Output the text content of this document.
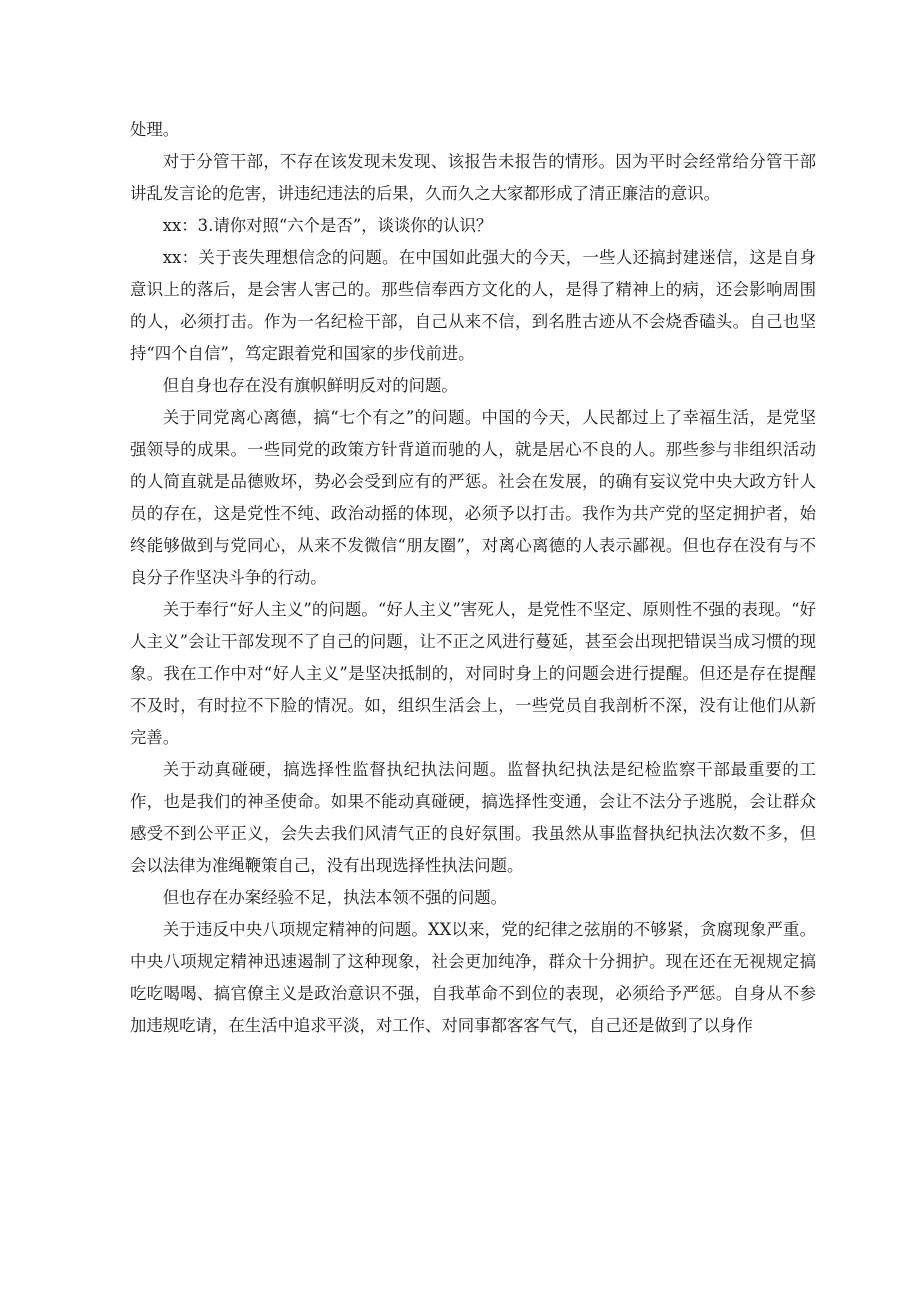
处理。

对于分管干部，不存在该发现未发现、该报告未报告的情形。因为平时会经常给分管干部讲乱发言论的危害，讲违纪违法的后果，久而久之大家都形成了清正廉洁的意识。

xx：3.请你对照“六个是否”，谈谈你的认识？

xx：关于丧失理想信念的问题。在中国如此强大的今天，一些人还搞封建迷信，这是自身意识上的落后，是会害人害己的。那些信奉西方文化的人，是得了精神上的病，还会影响周围的人，必须打击。作为一名纪检干部，自己从来不信，到名胜古迹从不会烧香磕头。自己也坚持“四个自信”，笃定跟着党和国家的步伐前进。

但自身也存在没有旗帜鲜明反对的问题。

关于同党离心离德，搞“七个有之”的问题。中国的今天，人民都过上了幸福生活，是党坚强领导的成果。一些同党的政策方针背道而驰的人，就是居心不良的人。那些参与非组织活动的人简直就是品德败坏，势必会受到应有的严惩。社会在发展，的确有妄议党中央大政方针人员的存在，这是党性不纯、政治动摇的体现，必须予以打击。我作为共产党的坚定拥护者，始终能够做到与党同心，从来不发微信“朋友圈”，对离心离德的人表示鄙视。但也存在没有与不良分子作坚决斗争的行动。

关于奉行“好人主义”的问题。“好人主义”害死人，是党性不坚定、原则性不强的表现。“好人主义”会让干部发现不了自己的问题，让不正之风进行蔓延，甚至会出现把错误当成习惯的现象。我在工作中对“好人主义”是坚决抵制的，对同时身上的问题会进行提醒。但还是存在提醒不及时，有时拉不下脸的情况。如，组织生活会上，一些党员自我剖析不深，没有让他们从新完善。

关于动真碰硬，搞选择性监督执纪执法问题。监督执纪执法是纪检监察干部最重要的工作，也是我们的神圣使命。如果不能动真碰硬，搞选择性变通，会让不法分子逃脱，会让群众感受不到公平正义，会失去我们风清气正的良好氛围。我虽然从事监督执纪执法次数不多，但会以法律为准绳鞭策自己，没有出现选择性执法问题。

但也存在办案经验不足，执法本领不强的问题。

关于违反中央八项规定精神的问题。XX以来，党的纪律之弦崩的不够紧，贪腐现象严重。中央八项规定精神迅速遏制了这种现象，社会更加纯净，群众十分拥护。现在还在无视规定搞吃吃喝喝、搞官僚主义是政治意识不强，自我革命不到位的表现，必须给予严惩。自身从不参加违规吃请，在生活中追求平淡，对工作、对同事都客客气气，自己还是做到了以身作
